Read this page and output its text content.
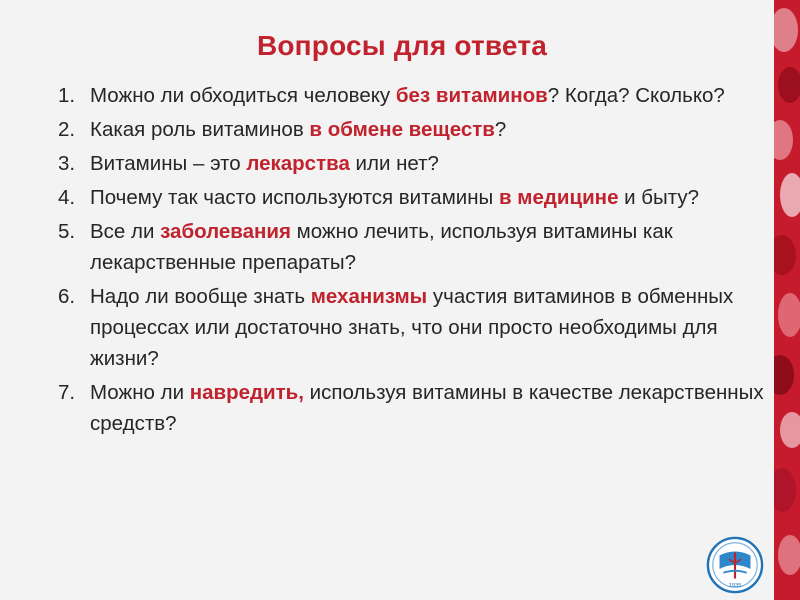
Вопросы для ответа
1. Можно ли обходиться человеку без витаминов? Когда? Сколько?
2. Какая роль витаминов в обмене веществ?
3. Витамины – это лекарства или нет?
4. Почему так часто используются витамины в медицине и быту?
5. Все ли заболевания можно лечить, используя витамины как лекарственные препараты?
6. Надо ли вообще знать механизмы участия витаминов в обменных процессах или достаточно знать, что они просто необходимы для жизни?
7. Можно ли навредить, используя витамины в качестве лекарственных средств?
1935
